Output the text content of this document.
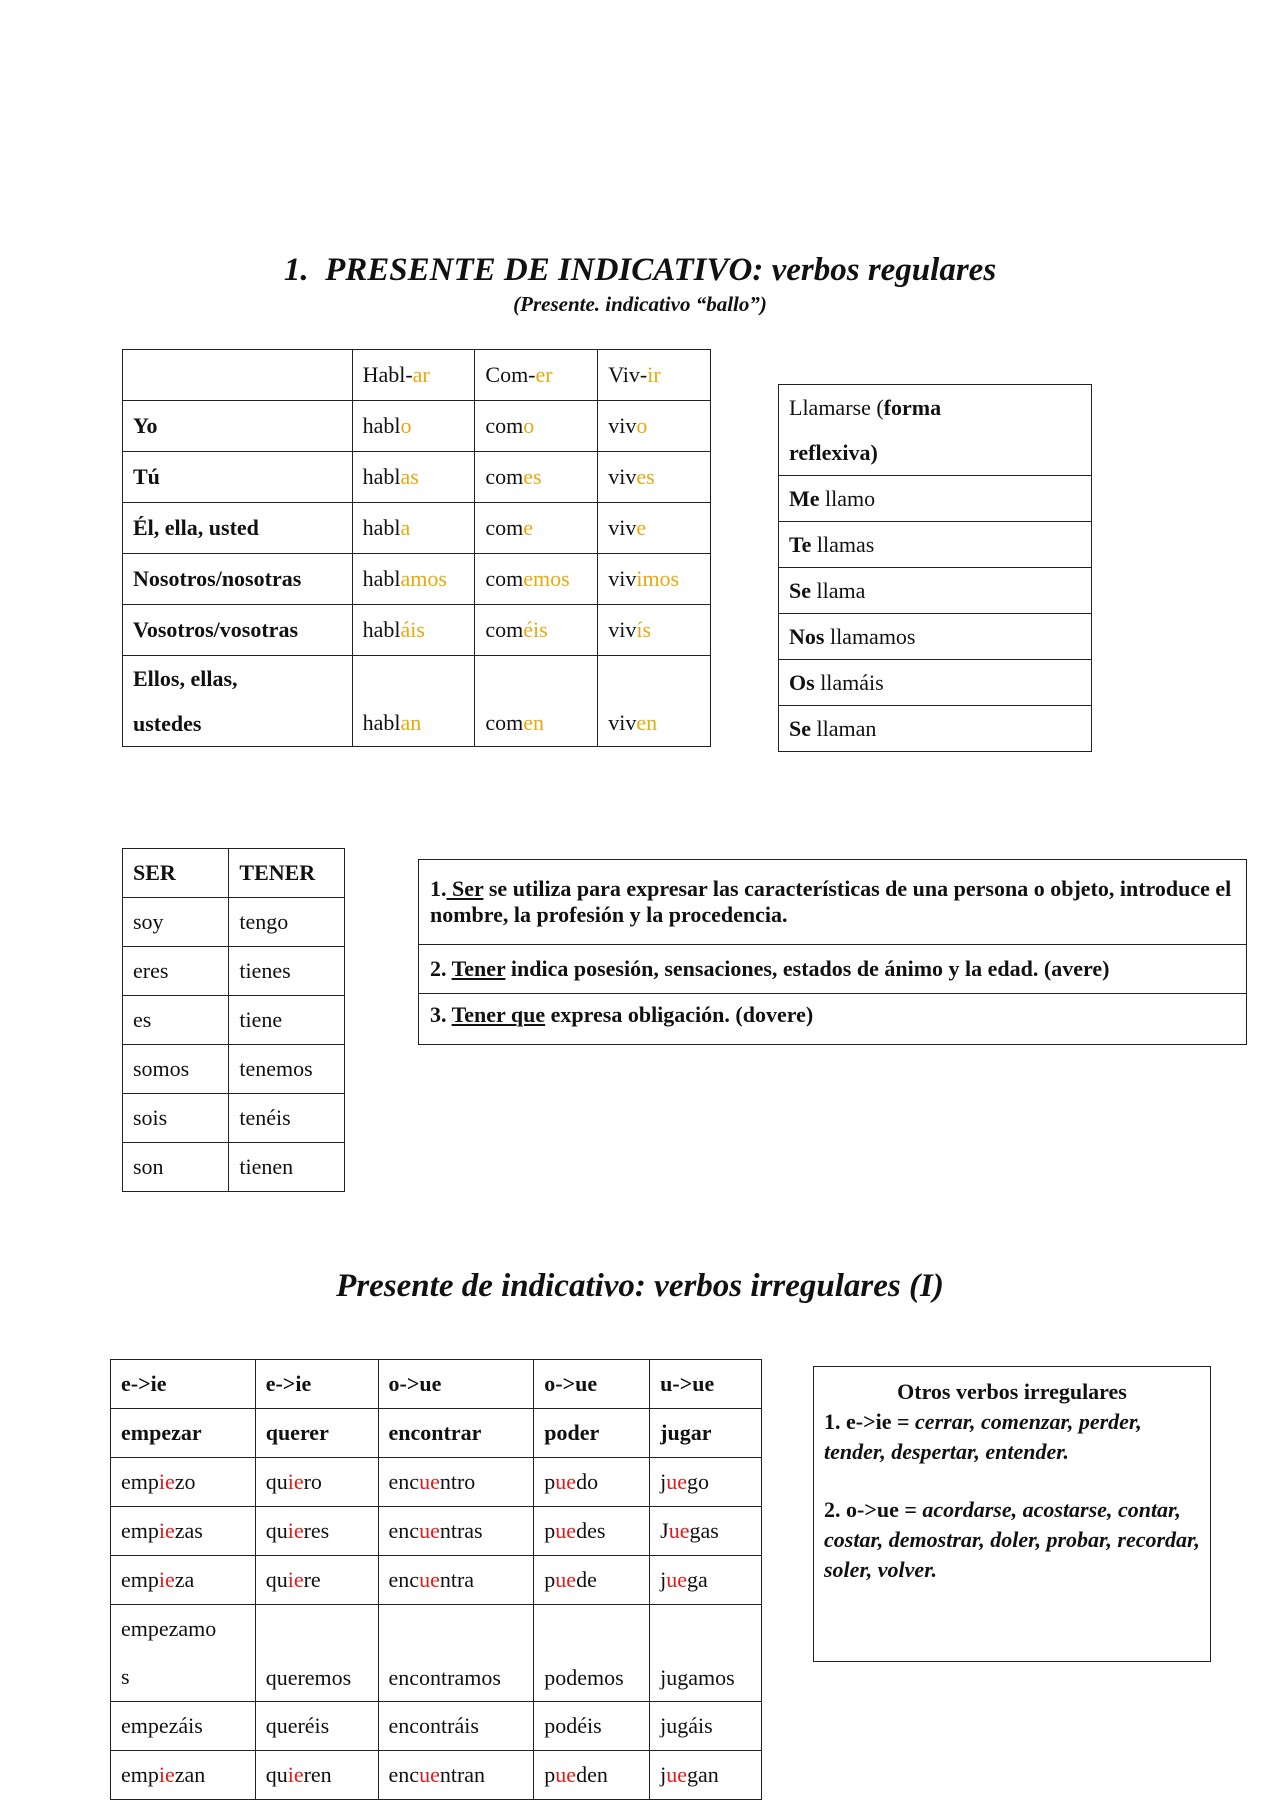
1. PRESENTE DE INDICATIVO: verbos regulares
(Presente. indicativo “ballo”)
	Habl-ar	Com-er	Viv-ir
Yo	hablo	como	vivo
Tú	hablas	comes	vives
Él, ella, usted	habla	come	vive
Nosotros/nosotras	hablamos	comemos	vivimos
Vosotros/vosotras	habláis	coméis	vivís
Ellos, ellas,
ustedes	hablan	comen	viven
Llamarse (forma
reflexiva)
Me llamo
Te llamas
Se llama
Nos llamamos
Os llamáis
Se llaman
SER	TENER
soy	tengo
eres	tienes
es	tiene
somos	tenemos
sois	tenéis
son	tienen
1. Ser se utiliza para expresar las características de una persona o objeto, introduce el nombre, la profesión y la procedencia.
2. Tener indica posesión, sensaciones, estados de ánimo y la edad. (avere)
3. Tener que expresa obligación. (dovere)
Presente de indicativo: verbos irregulares (I)
e->ie	e->ie	o->ue	o->ue	u->ue
empezar	querer	encontrar	poder	jugar
empiezo	quiero	encuentro	puedo	juego
empiezas	quieres	encuentras	puedes	Juegas
empieza	quiere	encuentra	puede	juega
empezamo
s	queremos	encontramos	podemos	jugamos
empezáis	queréis	encontráis	podéis	jugáis
empiezan	quieren	encuentran	pueden	juegan
Otros verbos irregulares
1. e->ie = cerrar, comenzar, perder, tender, despertar, entender.
2. o->ue = acordarse, acostarse, contar, costar, demostrar, doler, probar, recordar, soler, volver.
